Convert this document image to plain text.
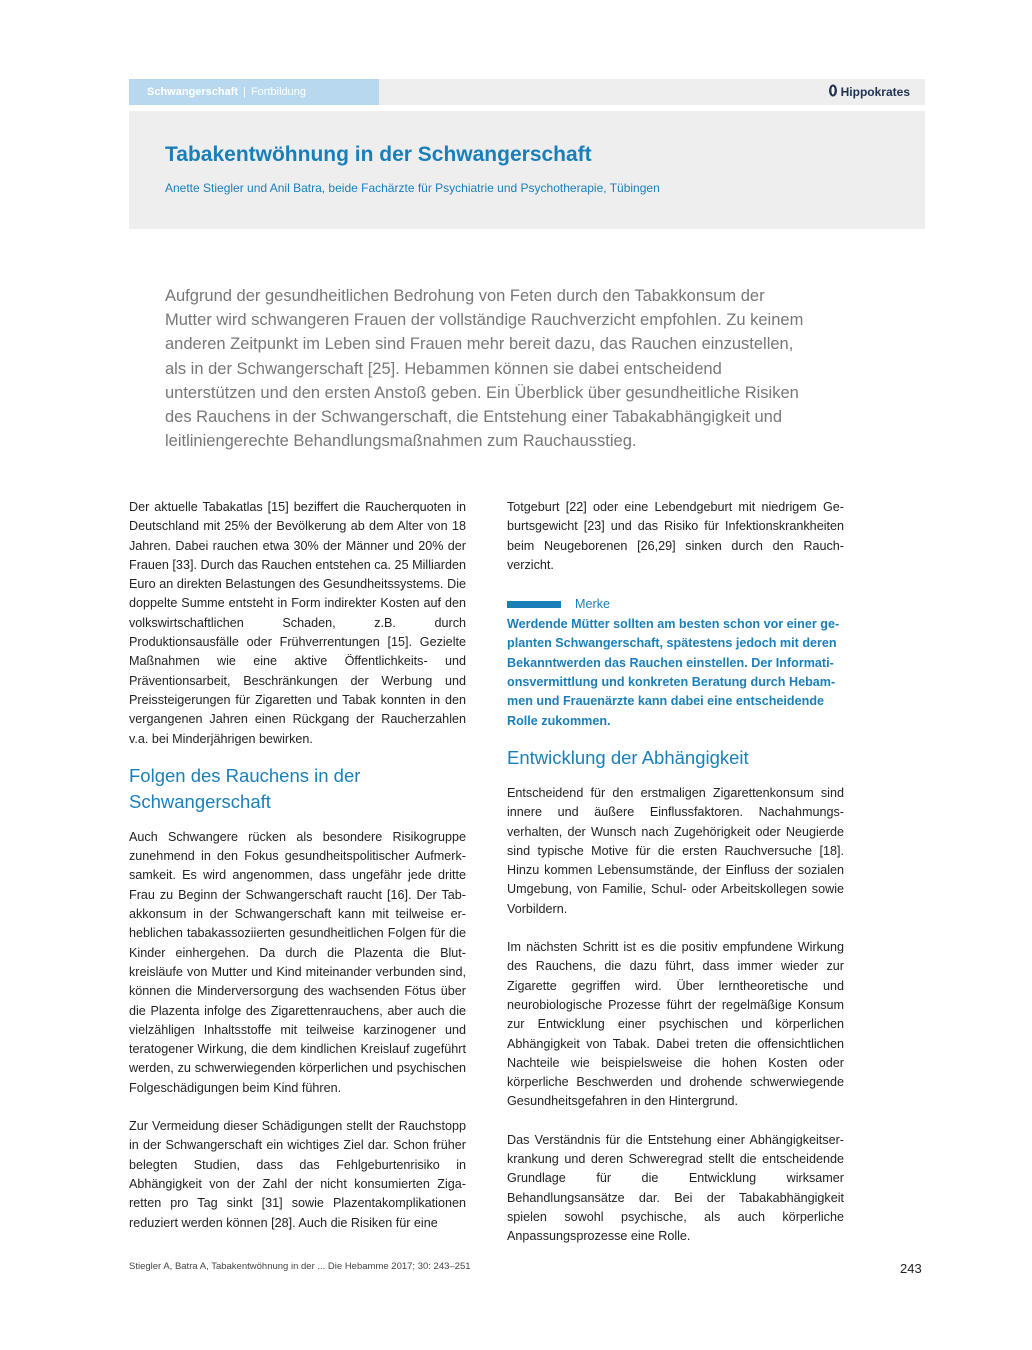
Schwangerschaft | Fortbildung	Hippokrates
Tabakentwöhnung in der Schwangerschaft
Anette Stiegler und Anil Batra, beide Fachärzte für Psychiatrie und Psychotherapie, Tübingen

Aufgrund der gesundheitlichen Bedrohung von Feten durch den Tabakkonsum der Mutter wird schwangeren Frauen der vollständige Rauchverzicht empfohlen. Zu keinem anderen Zeitpunkt im Leben sind Frauen mehr bereit dazu, das Rauchen einzustellen, als in der Schwangerschaft [25]. Hebammen können sie dabei entscheidend unterstützen und den ersten Anstoß geben. Ein Überblick über gesundheitliche Risiken des Rauchens in der Schwangerschaft, die Entstehung einer Tabakabhängigkeit und leitliniengerechte Behandlungsmaßnahmen zum Rauchausstieg.

Der aktuelle Tabakatlas [15] beziffert die Raucherquoten in Deutschland mit 25% der Bevölkerung ab dem Alter von 18 Jahren. Dabei rauchen etwa 30% der Männer und 20% der Frauen [33]. Durch das Rauchen entstehen ca. 25 Milliarden Euro an direkten Belastungen des Gesundheitssystems. Die doppelte Summe entsteht in Form indirekter Kosten auf den volkswirtschaftlichen Schaden, z.B. durch Produktionsausfälle oder Frühverrentungen [15]. Gezielte Maßnahmen wie eine aktive Öffentlichkeits- und Präventionsarbeit, Beschränkungen der Werbung und Preissteigerungen für Zigaretten und Tabak konnten in den vergangenen Jahren einen Rückgang der Raucherzahlen v.a. bei Minderjährigen bewirken.

Folgen des Rauchens in der Schwangerschaft

Auch Schwangere rücken als besondere Risikogruppe zunehmend in den Fokus gesundheitspolitischer Aufmerksamkeit. Es wird angenommen, dass ungefähr jede dritte Frau zu Beginn der Schwangerschaft raucht [16]. Der Tabakkonsum in der Schwangerschaft kann mit teilweise erheblichen tabakassoziierten gesundheitlichen Folgen für die Kinder einhergehen. Da durch die Plazenta die Blutkreisläufe von Mutter und Kind miteinander verbunden sind, können die Minderversorgung des wachsenden Fötus über die Plazenta infolge des Zigarettenrauchens, aber auch die vielzähligen Inhaltsstoffe mit teilweise karzinogener und teratogener Wirkung, die dem kindlichen Kreislauf zugeführt werden, zu schwerwiegenden körperlichen und psychischen Folgeschädigungen beim Kind führen.

Zur Vermeidung dieser Schädigungen stellt der Rauchstopp in der Schwangerschaft ein wichtiges Ziel dar. Schon früher belegten Studien, dass das Fehlgeburtenrisiko in Abhängigkeit von der Zahl der nicht konsumierten Zigaretten pro Tag sinkt [31] sowie Plazentakomplikationen reduziert werden können [28]. Auch die Risiken für eine

Totgeburt [22] oder eine Lebendgeburt mit niedrigem Geburtsgewicht [23] und das Risiko für Infektionskrankheiten beim Neugeborenen [26,29] sinken durch den Rauchverzicht.

Merke
Werdende Mütter sollten am besten schon vor einer geplanten Schwangerschaft, spätestens jedoch mit deren Bekanntwerden das Rauchen einstellen. Der Informationsvermittlung und konkreten Beratung durch Hebammen und Frauenärzte kann dabei eine entscheidende Rolle zukommen.
Entwicklung der Abhängigkeit

Entscheidend für den erstmaligen Zigarettenkonsum sind innere und äußere Einflussfaktoren. Nachahmungsverhalten, der Wunsch nach Zugehörigkeit oder Neugierde sind typische Motive für die ersten Rauchversuche [18]. Hinzu kommen Lebensumstände, der Einfluss der sozialen Umgebung, von Familie, Schul- oder Arbeitskollegen sowie Vorbildern.

Im nächsten Schritt ist es die positiv empfundene Wirkung des Rauchens, die dazu führt, dass immer wieder zur Zigarette gegriffen wird. Über lerntheoretische und neurobiologische Prozesse führt der regelmäßige Konsum zur Entwicklung einer psychischen und körperlichen Abhängigkeit von Tabak. Dabei treten die offensichtlichen Nachteile wie beispielsweise die hohen Kosten oder körperliche Beschwerden und drohende schwerwiegende Gesundheitsgefahren in den Hintergrund.

Das Verständnis für die Entstehung einer Abhängigkeitserkrankung und deren Schweregrad stellt die entscheidende Grundlage für die Entwicklung wirksamer Behandlungsansätze dar. Bei der Tabakabhängigkeit spielen sowohl psychische, als auch körperliche Anpassungsprozesse eine Rolle.

Stiegler A, Batra A, Tabakentwöhnung in der ... Die Hebamme 2017; 30: 243–251	243
